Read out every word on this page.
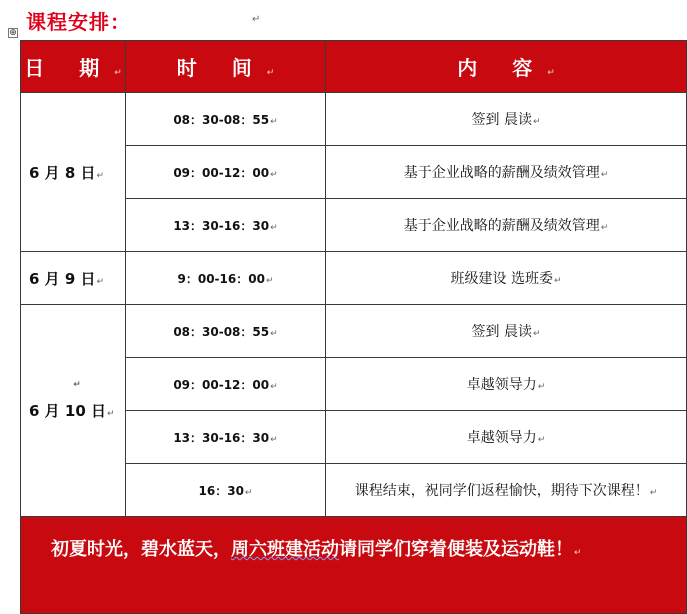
课程安排：	↵
⊕
日 期↵	时 间↵	内 容↵
6 月 8 日↵	08：30-08：55↵	签到 晨读↵
	09：00-12：00↵	基于企业战略的薪酬及绩效管理↵
	13：30-16：30↵	基于企业战略的薪酬及绩效管理↵
6 月 9 日↵	9：00-16：00↵	班级建设 选班委↵

↵
6 月 10 日↵	08：30-08：55↵	签到 晨读↵
	09：00-12：00↵	卓越领导力↵
	13：30-16：30↵	卓越领导力↵
	16：30↵	课程结束，祝同学们返程愉快，期待下次课程！↵
初夏时光，碧水蓝天，周六班建活动请同学们穿着便装及运动鞋！↵		
